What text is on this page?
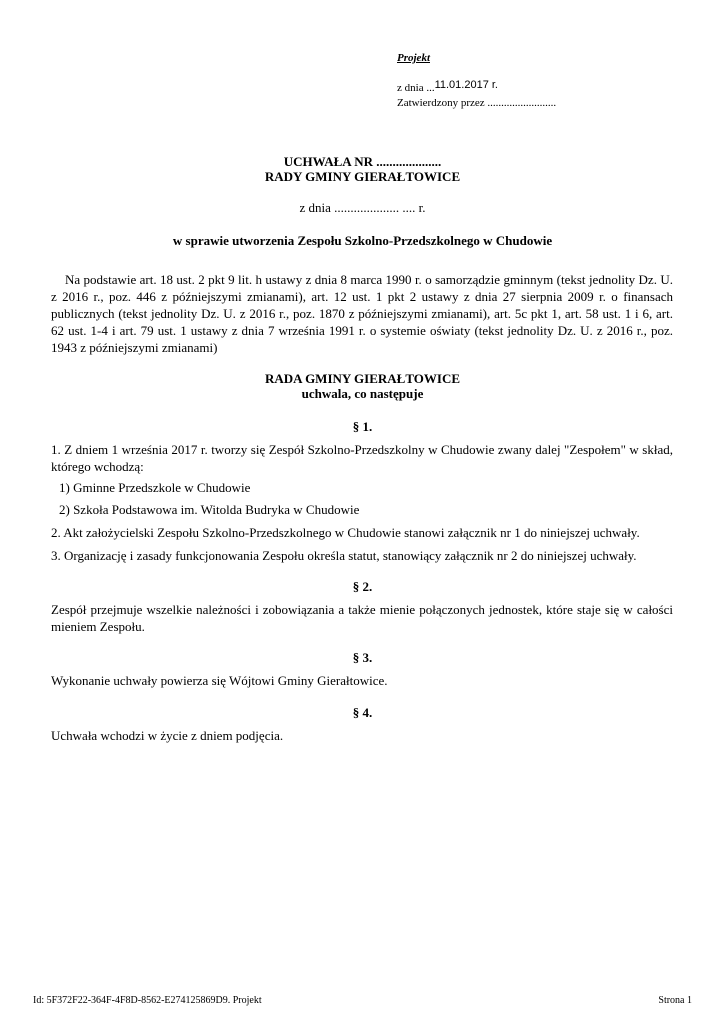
Projekt
z dnia ...11.01.2017 r.
Zatwierdzony przez .........................
UCHWAŁA NR ....................
RADY GMINY GIERAŁTOWICE
z dnia .................... .... r.
w sprawie utworzenia Zespołu Szkolno-Przedszkolnego w Chudowie
Na podstawie art. 18 ust. 2 pkt 9 lit. h ustawy z dnia 8 marca 1990 r. o samorządzie gminnym (tekst jednolity Dz. U. z 2016 r., poz. 446 z późniejszymi zmianami), art. 12 ust. 1 pkt 2 ustawy z dnia 27 sierpnia 2009 r. o finansach publicznych (tekst jednolity Dz. U. z 2016 r., poz. 1870 z późniejszymi zmianami), art. 5c pkt 1, art. 58 ust. 1 i 6, art. 62 ust. 1-4 i art. 79 ust. 1 ustawy z dnia 7 września 1991 r. o systemie oświaty (tekst jednolity Dz. U. z 2016 r., poz. 1943 z późniejszymi zmianami)
RADA GMINY GIERAŁTOWICE
uchwala, co następuje
§ 1.
1. Z dniem 1 września 2017 r. tworzy się Zespół Szkolno-Przedszkolny w Chudowie zwany dalej "Zespołem" w skład, którego wchodzą:
1) Gminne Przedszkole w Chudowie
2) Szkoła Podstawowa im. Witolda Budryka w Chudowie
2. Akt założycielski Zespołu Szkolno-Przedszkolnego w Chudowie stanowi załącznik nr 1 do niniejszej uchwały.
3. Organizację i zasady funkcjonowania Zespołu określa statut, stanowiący załącznik nr 2 do niniejszej uchwały.
§ 2.
Zespół przejmuje wszelkie należności i zobowiązania a także mienie połączonych jednostek, które staje się w całości mieniem Zespołu.
§ 3.
Wykonanie uchwały powierza się Wójtowi Gminy Gierałtowice.
§ 4.
Uchwała wchodzi w życie z dniem podjęcia.
Id: 5F372F22-364F-4F8D-8562-E274125869D9. Projekt	Strona 1
